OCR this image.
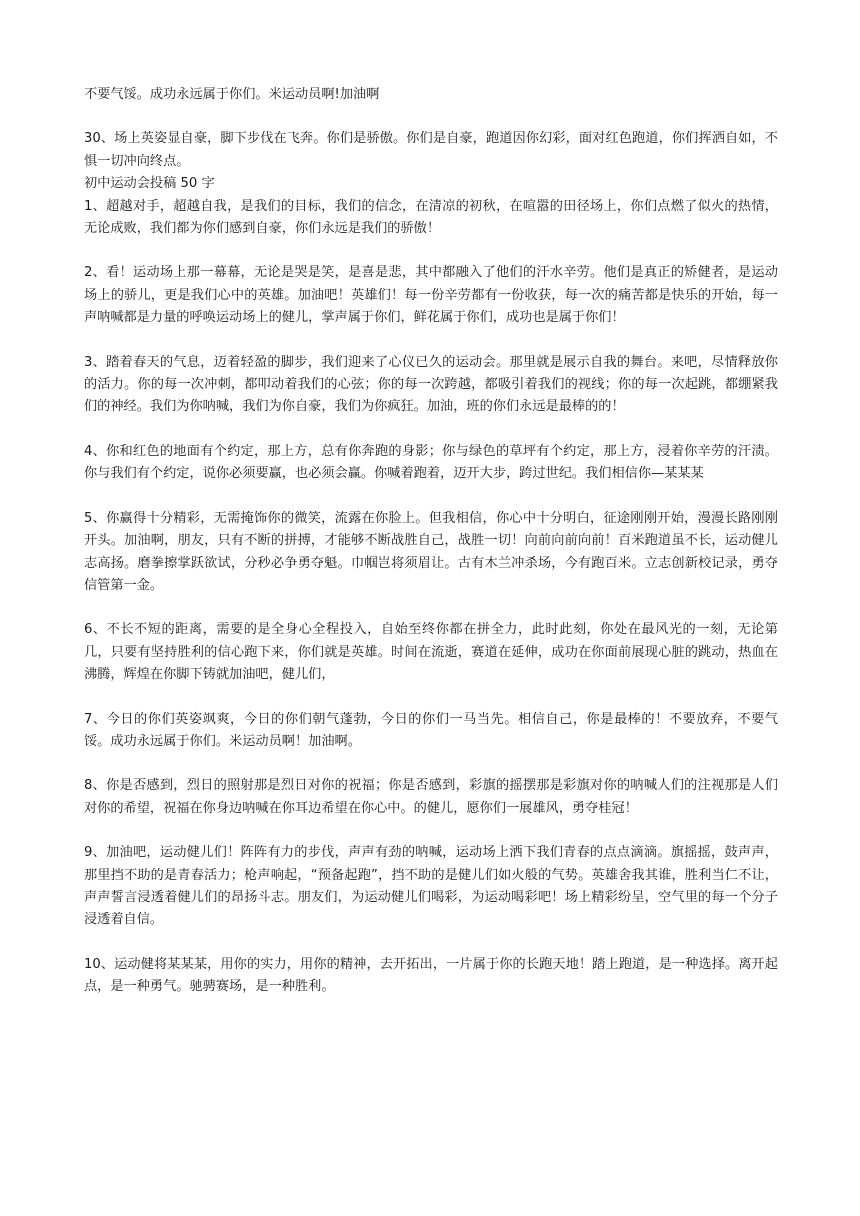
不要气馁。成功永远属于你们。米运动员啊!加油啊

30、场上英姿显自豪，脚下步伐在飞奔。你们是骄傲。你们是自豪，跑道因你幻彩，面对红色跑道，你们挥洒自如，不惧一切冲向终点。

初中运动会投稿 50 字

1、超越对手，超越自我，是我们的目标，我们的信念，在清凉的初秋，在喧嚣的田径场上，你们点燃了似火的热情，无论成败，我们都为你们感到自豪，你们永远是我们的骄傲！

2、看！运动场上那一幕幕，无论是哭是笑，是喜是悲，其中都融入了他们的汗水辛劳。他们是真正的矫健者，是运动场上的骄儿，更是我们心中的英雄。加油吧！英雄们！每一份辛劳都有一份收获，每一次的痛苦都是快乐的开始，每一声呐喊都是力量的呼唤运动场上的健儿，掌声属于你们，鲜花属于你们，成功也是属于你们！

3、踏着春天的气息，迈着轻盈的脚步，我们迎来了心仪已久的运动会。那里就是展示自我的舞台。来吧，尽情释放你的活力。你的每一次冲刺，都叩动着我们的心弦；你的每一次跨越，都吸引着我们的视线；你的每一次起跳，都绷紧我们的神经。我们为你呐喊，我们为你自豪，我们为你疯狂。加油，班的你们永远是最棒的的！

4、你和红色的地面有个约定，那上方，总有你奔跑的身影；你与绿色的草坪有个约定，那上方，浸着你辛劳的汗渍。你与我们有个约定，说你必须要赢，也必须会赢。你喊着跑着，迈开大步，跨过世纪。我们相信你—某某某

5、你赢得十分精彩，无需掩饰你的微笑，流露在你脸上。但我相信，你心中十分明白，征途刚刚开始，漫漫长路刚刚开头。加油啊，朋友，只有不断的拼搏，才能够不断战胜自己，战胜一切！向前向前向前！百米跑道虽不长，运动健儿志高扬。磨拳擦掌跃欲试，分秒必争勇夺魁。巾帼岂将须眉让。古有木兰冲杀场，今有跑百米。立志创新校记录，勇夺信管第一金。

6、不长不短的距离，需要的是全身心全程投入，自始至终你都在拼全力，此时此刻，你处在最风光的一刻，无论第几，只要有坚持胜利的信心跑下来，你们就是英雄。时间在流逝，赛道在延伸，成功在你面前展现心脏的跳动，热血在沸腾，辉煌在你脚下铸就加油吧，健儿们，

7、今日的你们英姿飒爽，今日的你们朝气蓬勃，今日的你们一马当先。相信自己，你是最棒的！不要放弃，不要气馁。成功永远属于你们。米运动员啊！加油啊。

8、你是否感到，烈日的照射那是烈日对你的祝福；你是否感到，彩旗的摇摆那是彩旗对你的呐喊人们的注视那是人们对你的希望，祝福在你身边呐喊在你耳边希望在你心中。的健儿，愿你们一展雄风，勇夺桂冠！

9、加油吧，运动健儿们！阵阵有力的步伐，声声有劲的呐喊，运动场上洒下我们青春的点点滴滴。旗摇摇，鼓声声，那里挡不助的是青春活力；枪声响起，“预备起跑”，挡不助的是健儿们如火般的气势。英雄舍我其谁，胜利当仁不让，声声誓言浸透着健儿们的昂扬斗志。朋友们，为运动健儿们喝彩，为运动喝彩吧！场上精彩纷呈，空气里的每一个分子浸透着自信。

10、运动健将某某某，用你的实力，用你的精神，去开拓出，一片属于你的长跑天地！踏上跑道，是一种选择。离开起点，是一种勇气。驰骋赛场，是一种胜利。
